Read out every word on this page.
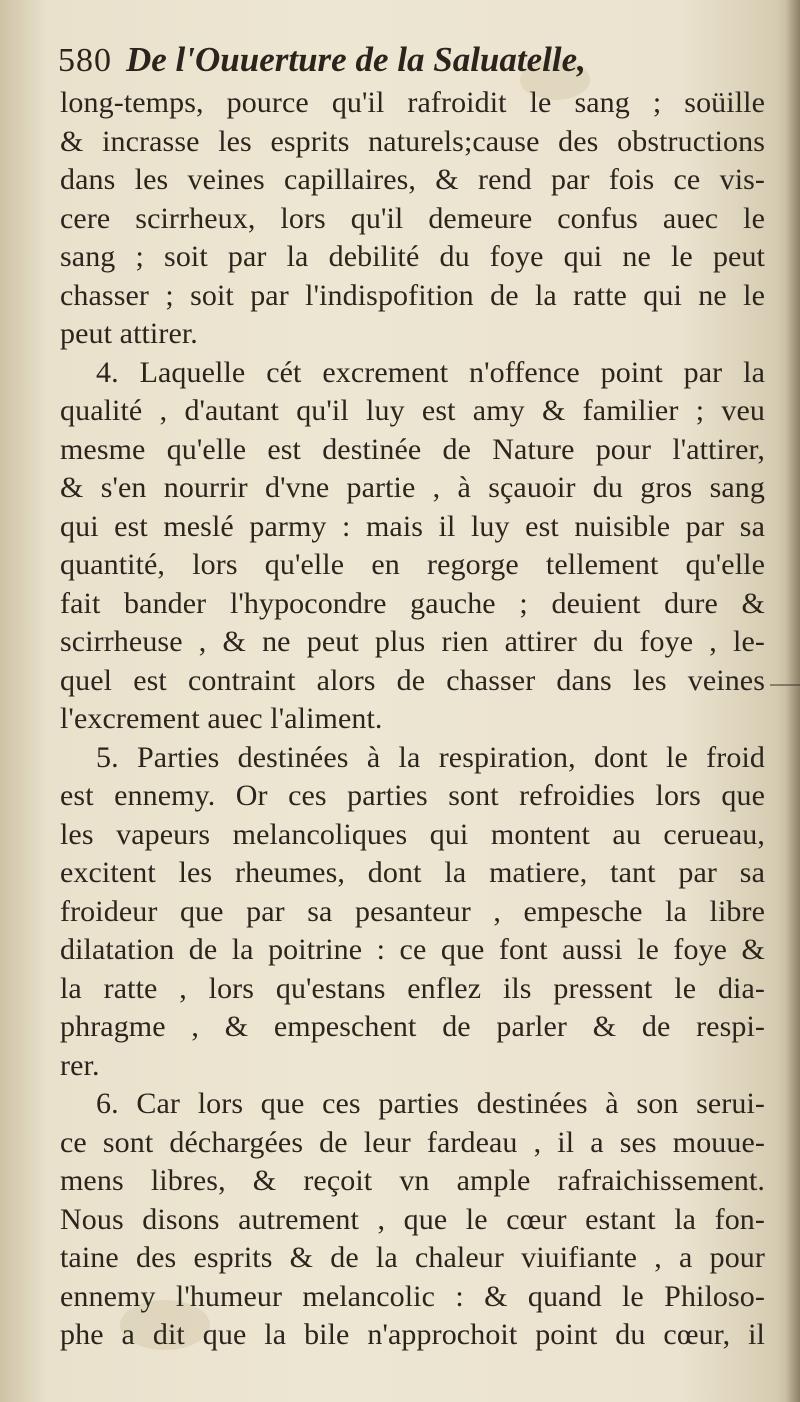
580 De l'Ouuerture de la Saluatelle,
long-temps, pource qu'il rafroidit le sang ; soüille
& incrasse les esprits naturels;cause des obstructions
dans les veines capillaires, & rend par fois ce vis-
cere scirrheux, lors qu'il demeure confus auec le
sang ; soit par la debilité du foye qui ne le peut
chasser ; soit par l'indispofition de la ratte qui ne le
peut attirer.
4. Laquelle cét excrement n'offence point par la
qualité , d'autant qu'il luy est amy & familier ; veu
mesme qu'elle est destinée de Nature pour l'attirer,
& s'en nourrir d'vne partie , à sçauoir du gros sang
qui est meslé parmy : mais il luy est nuisible par sa
quantité, lors qu'elle en regorge tellement qu'elle
fait bander l'hypocondre gauche ; deuient dure &
scirrheuse , & ne peut plus rien attirer du foye , le-
quel est contraint alors de chasser dans les veines
l'excrement auec l'aliment.
5. Parties destinées à la respiration, dont le froid
est ennemy. Or ces parties sont refroidies lors que
les vapeurs melancoliques qui montent au cerueau,
excitent les rheumes, dont la matiere, tant par sa
froideur que par sa pesanteur , empesche la libre
dilatation de la poitrine : ce que font aussi le foye &
la ratte , lors qu'estans enflez ils pressent le dia-
phragme , & empeschent de parler & de respi-
rer.
6. Car lors que ces parties destinées à son serui-
ce sont déchargées de leur fardeau , il a ses mouue-
mens libres, & reçoit vn ample rafraichissement.
Nous disons autrement , que le cœur estant la fon-
taine des esprits & de la chaleur viuifiante , a pour
ennemy l'humeur melancolic : & quand le Philoso-
phe a dit que la bile n'approchoit point du cœur, il
